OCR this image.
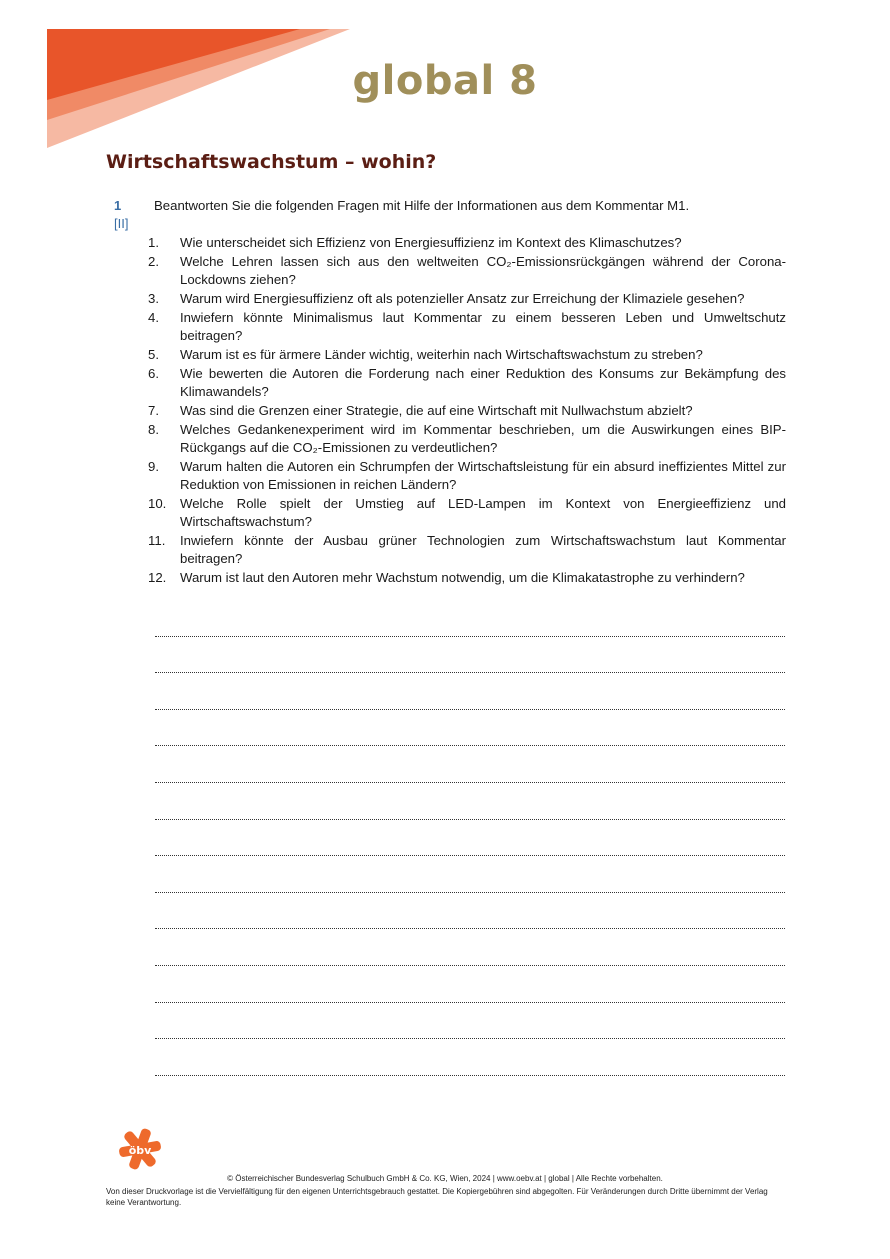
global 8
Wirtschaftswachstum – wohin?
1
[II]
Beantworten Sie die folgenden Fragen mit Hilfe der Informationen aus dem Kommentar M1.
1.	Wie unterscheidet sich Effizienz von Energiesuffizienz im Kontext des Klimaschutzes?
2.	Welche Lehren lassen sich aus den weltweiten CO₂-Emissionsrückgängen während der Corona-Lockdowns ziehen?
3.	Warum wird Energiesuffizienz oft als potenzieller Ansatz zur Erreichung der Klimaziele gesehen?
4.	Inwiefern könnte Minimalismus laut Kommentar zu einem besseren Leben und Umweltschutz beitragen?
5.	Warum ist es für ärmere Länder wichtig, weiterhin nach Wirtschaftswachstum zu streben?
6.	Wie bewerten die Autoren die Forderung nach einer Reduktion des Konsums zur Bekämpfung des Klimawandels?
7.	Was sind die Grenzen einer Strategie, die auf eine Wirtschaft mit Nullwachstum abzielt?
8.	Welches Gedankenexperiment wird im Kommentar beschrieben, um die Auswirkungen eines BIP-Rückgangs auf die CO₂-Emissionen zu verdeutlichen?
9.	Warum halten die Autoren ein Schrumpfen der Wirtschaftsleistung für ein absurd ineffizientes Mittel zur Reduktion von Emissionen in reichen Ländern?
10.	Welche Rolle spielt der Umstieg auf LED-Lampen im Kontext von Energieeffizienz und Wirtschaftswachstum?
11.	Inwiefern könnte der Ausbau grüner Technologien zum Wirtschaftswachstum laut Kommentar beitragen?
12.	Warum ist laut den Autoren mehr Wachstum notwendig, um die Klimakatastrophe zu verhindern?
öbv
© Österreichischer Bundesverlag Schulbuch GmbH & Co. KG, Wien, 2024 | www.oebv.at | global | Alle Rechte vorbehalten.
Von dieser Druckvorlage ist die Vervielfältigung für den eigenen Unterrichtsgebrauch gestattet. Die Kopiergebühren sind abgegolten. Für Veränderungen durch Dritte übernimmt der Verlag keine Verantwortung.
